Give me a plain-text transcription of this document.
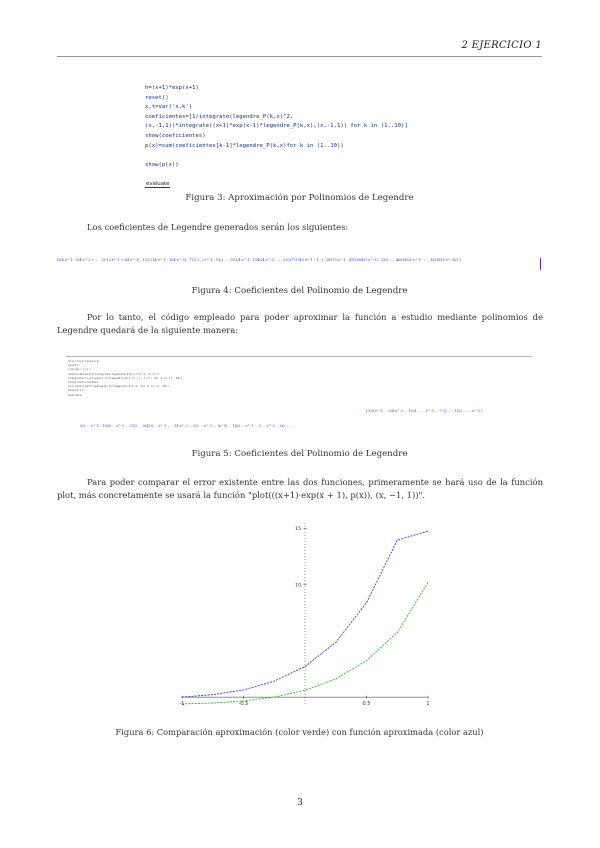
2 EJERCICIO 1
h=(x+1)*exp(x+1)
reset()
x,t=var('x,k')
coeficientes=[1/integrate(legendre_P(k,x)^2,
(x,-1,1))*integrate((x+1)*exp(x-1)*legendre_P(k,x),(x,-1,1)) for k in (1..10)]
show(coeficientes)
p(x)=sum(coeficientes[k-1]*legendre_P(k,x)for k in (1..10))

show(p(x))
evaluate
Figura 3: Aproximación por Polinomios de Legendre
Los coeficientes de Legendre generados serán los siguientes:
[3/4 e^-1 - 5/4 e^-3 + ... , 2(-12 e^-1 + 44 e^-3) , 15/2 (14 e^-1 - 104 e^-3) , 77/2 (...) e^-1 - 15/2 ... , 531/4 e^-1 - 1545/4 e^-3 , ... , 23(3773745 e^-1 - 1...) , 28175 e^-1 - 47(200427 e^-3) , 33/2 ... , 465385/2 e^-1 - ... , 4(31815 e^-3)/2 ]
Figura 4: Coeficientes del Polinomio de Legendre
Por lo tanto, el código empleado para poder aproximar la función a estudio mediante polinomios de Legendre quedará de la siguiente manera:
h(x)=(x+1)*exp(x+1)
reset()
x,k=var('x,k')
coeficientes=[1/integrate(legendre_P(k,x)^2,(x,-1,1))*
integrate((x+1)*exp(x-1)*legendre_P(k,x),(x,-1,1)) for k in (1..10)]
show(coeficientes)
p(x)=sum(coeficientes[k-1]*legendre_P(k,x) for k in (1..10))
show(p(x))
evaluate
[ 3/4 e^-1 ... 5/4 e^-3 ... 15/4 ... ... e^-1 ... 77/2 ... - 15/2 ... ... e^-3 ]
9/2 ... e^-1 - 1000 ... e^-3 ... 11/2 ... (64/3) ... e^-1 ... - 14 e^-3 ... 5/2 ... e^-1 ... (x^9) ... 16/3 ... e^-1 ... 5 ... e^-3 ... (x) ... ...
Figura 5: Coeficientes del Polinomio de Legendre
Para poder comparar el error existente entre las dos funciones, primeramente se hará uso de la función plot, más concretamente se usará la función "plot(((x+1)·exp(x + 1), p(x)), (x, −1, 1))".
-1	-0.5	0.5	1
15
10
Figura 6: Comparación aproximación (color verde) con función aproximada (color azul)
3
